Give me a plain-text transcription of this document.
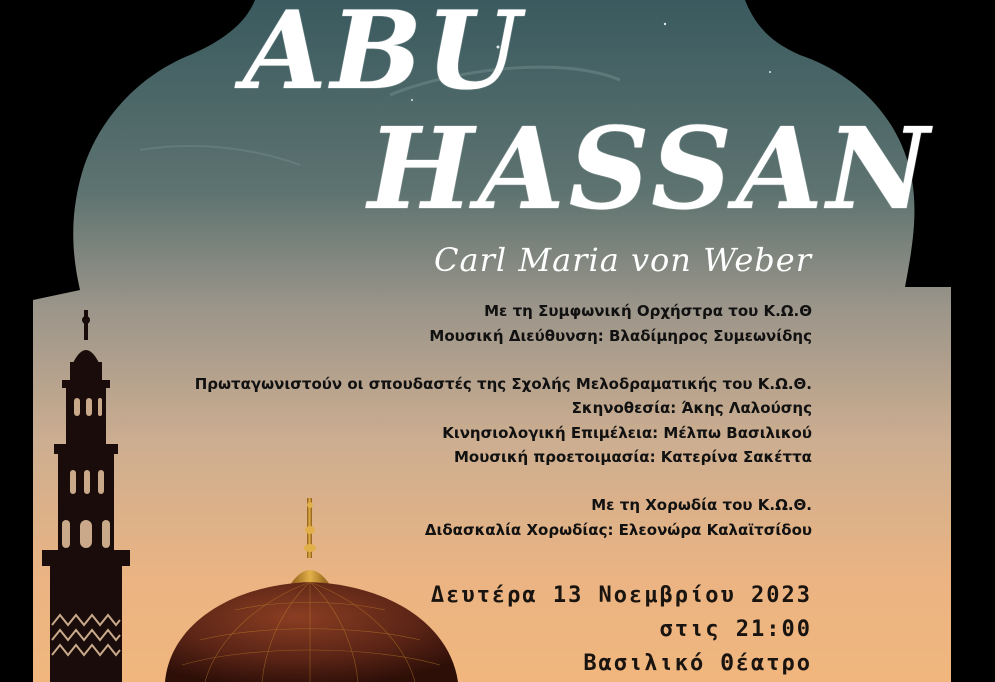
ABU
HASSAN
Carl Maria von Weber
Με τη Συμφωνική Ορχήστρα του Κ.Ω.Θ
Μουσική Διεύθυνση: Βλαδίμηρος Συμεωνίδης
Πρωταγωνιστούν οι σπουδαστές της Σχολής Μελοδραματικής του Κ.Ω.Θ.
Σκηνοθεσία: Άκης Λαλούσης
Κινησιολογική Επιμέλεια: Μέλπω Βασιλικού
Μουσική προετοιμασία: Κατερίνα Σακέττα
Με τη Χορωδία του Κ.Ω.Θ.
Διδασκαλία Χορωδίας: Ελεονώρα Καλαϊτσίδου
Δευτέρα 13 Νοεμβρίου 2023
στις 21:00
Βασιλικό Θέατρο
